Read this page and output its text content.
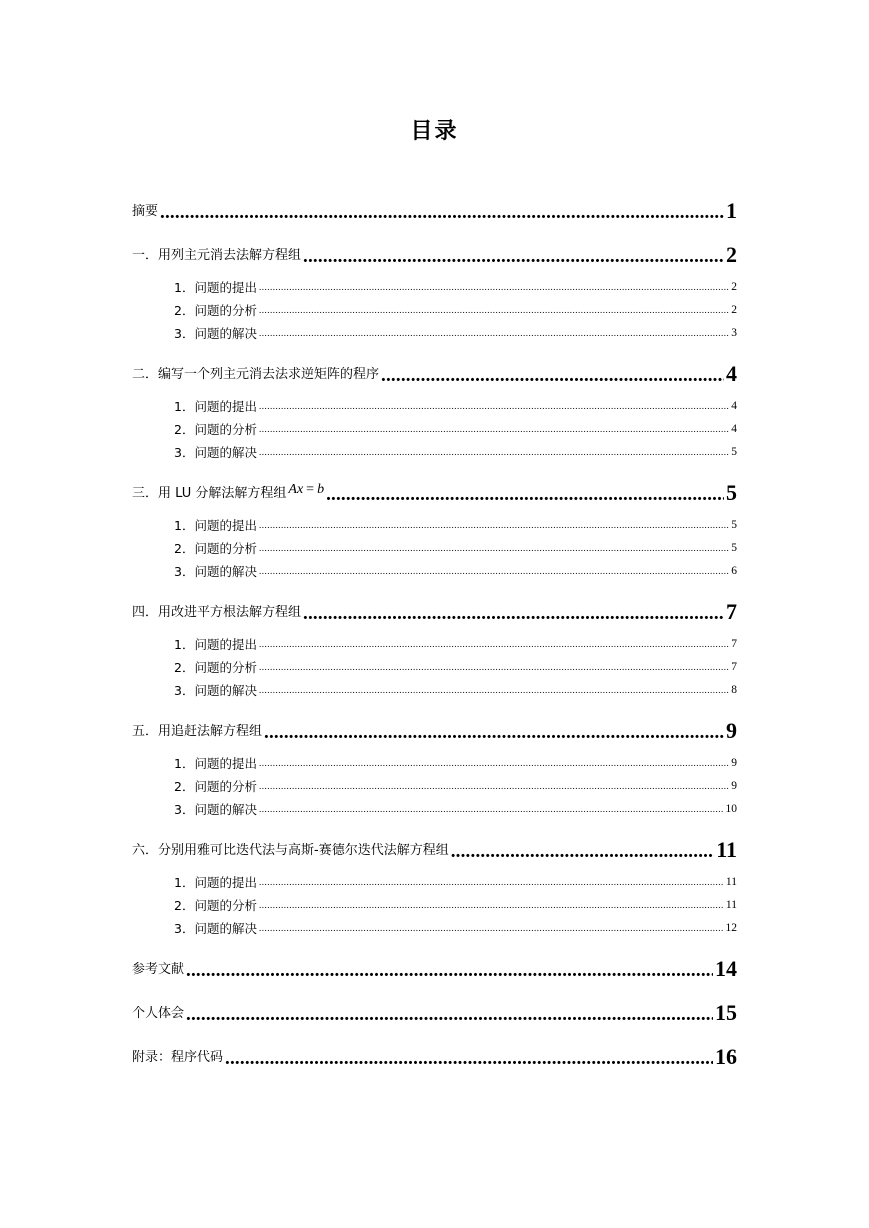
目录
摘要 .....	1
一．用列主元消去法解方程组 .....	2
1．问题的提出 .....	2
2．问题的分析 .....	2
3．问题的解决 .....	3
二．编写一个列主元消去法求逆矩阵的程序 .....	4
1．问题的提出 .....	4
2．问题的分析 .....	4
3．问题的解决 .....	5
三．用 LU 分解法解方程组 Ax = b .....	5
1．问题的提出 .....	5
2．问题的分析 .....	5
3．问题的解决 .....	6
四．用改进平方根法解方程组 .....	7
1．问题的提出 .....	7
2．问题的分析 .....	7
3．问题的解决 .....	8
五．用追赶法解方程组 .....	9
1．问题的提出 .....	9
2．问题的分析 .....	9
3．问题的解决 .....	10
六．分别用雅可比迭代法与高斯-赛德尔迭代法解方程组 .....	11
1．问题的提出 .....	11
2．问题的分析 .....	11
3．问题的解决 .....	12
参考文献 .....	14
个人体会 .....	15
附录：程序代码 .....	16
